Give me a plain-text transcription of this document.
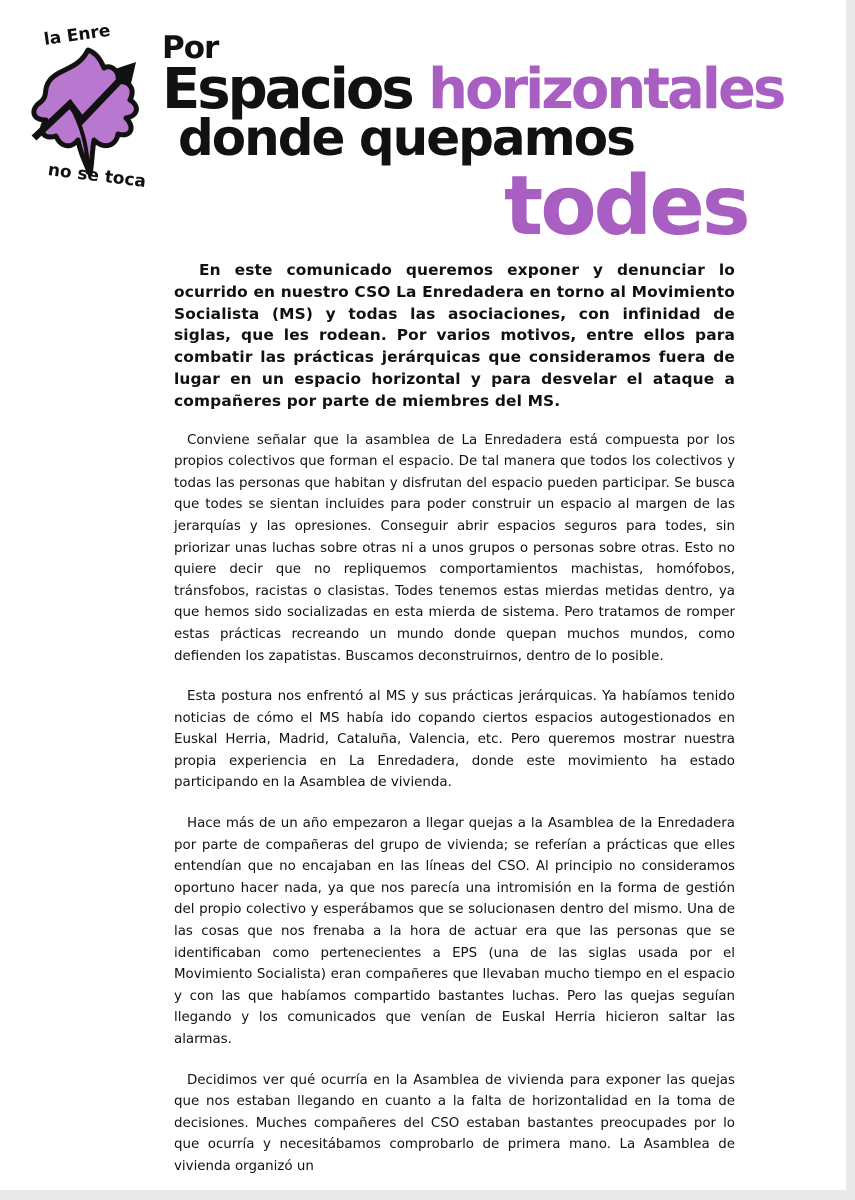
la Enre
no se toca
Por
Espacios horizontales
donde quepamos
todes

En este comunicado queremos exponer y denunciar lo ocurrido en nuestro CSO La Enredadera en torno al Movimiento Socialista (MS) y todas las asociaciones, con infinidad de siglas, que les rodean. Por varios motivos, entre ellos para combatir las prácticas jerárquicas que consideramos fuera de lugar en un espacio horizontal y para desvelar el ataque a compañeres por parte de miembres del MS.

Conviene señalar que la asamblea de La Enredadera está compuesta por los propios colectivos que forman el espacio. De tal manera que todos los colectivos y todas las personas que habitan y disfrutan del espacio pueden participar. Se busca que todes se sientan incluides para poder construir un espacio al margen de las jerarquías y las opresiones. Conseguir abrir espacios seguros para todes, sin priorizar unas luchas sobre otras ni a unos grupos o personas sobre otras. Esto no quiere decir que no repliquemos comportamientos machistas, homófobos, tránsfobos, racistas o clasistas. Todes tenemos estas mierdas metidas dentro, ya que hemos sido socializadas en esta mierda de sistema. Pero tratamos de romper estas prácticas recreando un mundo donde quepan muchos mundos, como defienden los zapatistas. Buscamos deconstruirnos, dentro de lo posible.

Esta postura nos enfrentó al MS y sus prácticas jerárquicas. Ya habíamos tenido noticias de cómo el MS había ido copando ciertos espacios autogestionados en Euskal Herria, Madrid, Cataluña, Valencia, etc. Pero queremos mostrar nuestra propia experiencia en La Enredadera, donde este movimiento ha estado participando en la Asamblea de vivienda.

Hace más de un año empezaron a llegar quejas a la Asamblea de la Enredadera por parte de compañeras del grupo de vivienda; se referían a prácticas que elles entendían que no encajaban en las líneas del CSO. Al principio no consideramos oportuno hacer nada, ya que nos parecía una intromisión en la forma de gestión del propio colectivo y esperábamos que se solucionasen dentro del mismo. Una de las cosas que nos frenaba a la hora de actuar era que las personas que se identificaban como pertenecientes a EPS (una de las siglas usada por el Movimiento Socialista) eran compañeres que llevaban mucho tiempo en el espacio y con las que habíamos compartido bastantes luchas. Pero las quejas seguían llegando y los comunicados que venían de Euskal Herria hicieron saltar las alarmas.

Decidimos ver qué ocurría en la Asamblea de vivienda para exponer las quejas que nos estaban llegando en cuanto a la falta de horizontalidad en la toma de decisiones. Muches compañeres del CSO estaban bastantes preocupades por lo que ocurría y necesitábamos comprobarlo de primera mano. La Asamblea de vivienda organizó un
